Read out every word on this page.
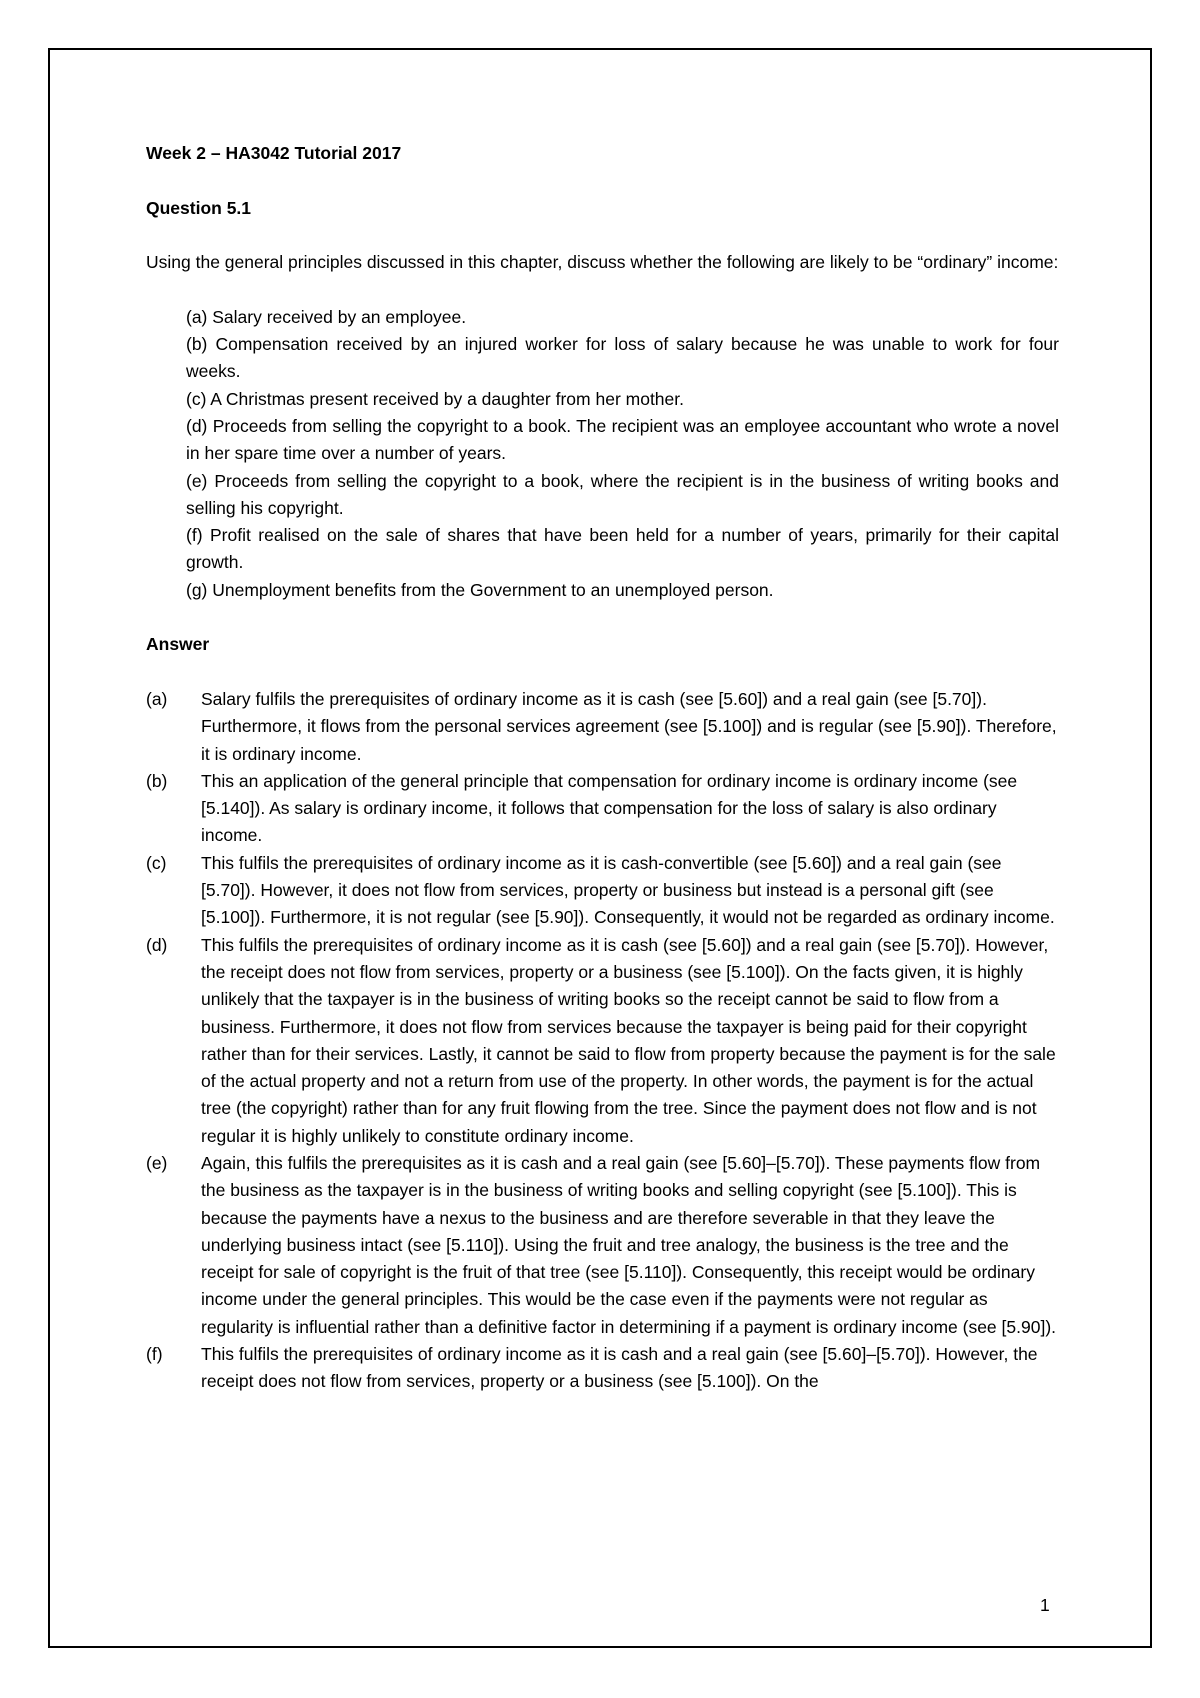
Week 2 – HA3042 Tutorial 2017

Question 5.1

Using the general principles discussed in this chapter, discuss whether the following are likely to be “ordinary” income:

(a) Salary received by an employee.
(b) Compensation received by an injured worker for loss of salary because he was unable to work for four weeks.
(c) A Christmas present received by a daughter from her mother.
(d) Proceeds from selling the copyright to a book. The recipient was an employee accountant who wrote a novel in her spare time over a number of years.
(e) Proceeds from selling the copyright to a book, where the recipient is in the business of writing books and selling his copyright.
(f) Profit realised on the sale of shares that have been held for a number of years, primarily for their capital growth.
(g) Unemployment benefits from the Government to an unemployed person.

Answer

(a)	Salary fulfils the prerequisites of ordinary income as it is cash (see [5.60]) and a real gain (see [5.70]). Furthermore, it flows from the personal services agreement (see [5.100]) and is regular (see [5.90]). Therefore, it is ordinary income.
(b)	This an application of the general principle that compensation for ordinary income is ordinary income (see [5.140]). As salary is ordinary income, it follows that compensation for the loss of salary is also ordinary income.
(c)	This fulfils the prerequisites of ordinary income as it is cash-convertible (see [5.60]) and a real gain (see [5.70]). However, it does not flow from services, property or business but instead is a personal gift (see [5.100]). Furthermore, it is not regular (see [5.90]). Consequently, it would not be regarded as ordinary income.
(d)	This fulfils the prerequisites of ordinary income as it is cash (see [5.60]) and a real gain (see [5.70]). However, the receipt does not flow from services, property or a business (see [5.100]). On the facts given, it is highly unlikely that the taxpayer is in the business of writing books so the receipt cannot be said to flow from a business. Furthermore, it does not flow from services because the taxpayer is being paid for their copyright rather than for their services. Lastly, it cannot be said to flow from property because the payment is for the sale of the actual property and not a return from use of the property. In other words, the payment is for the actual tree (the copyright) rather than for any fruit flowing from the tree. Since the payment does not flow and is not regular it is highly unlikely to constitute ordinary income.
(e)	Again, this fulfils the prerequisites as it is cash and a real gain (see [5.60]–[5.70]). These payments flow from the business as the taxpayer is in the business of writing books and selling copyright (see [5.100]). This is because the payments have a nexus to the business and are therefore severable in that they leave the underlying business intact (see [5.110]). Using the fruit and tree analogy, the business is the tree and the receipt for sale of copyright is the fruit of that tree (see [5.110]). Consequently, this receipt would be ordinary income under the general principles. This would be the case even if the payments were not regular as regularity is influential rather than a definitive factor in determining if a payment is ordinary income (see [5.90]).
(f)	This fulfils the prerequisites of ordinary income as it is cash and a real gain (see [5.60]–[5.70]). However, the receipt does not flow from services, property or a business (see [5.100]). On the
1
